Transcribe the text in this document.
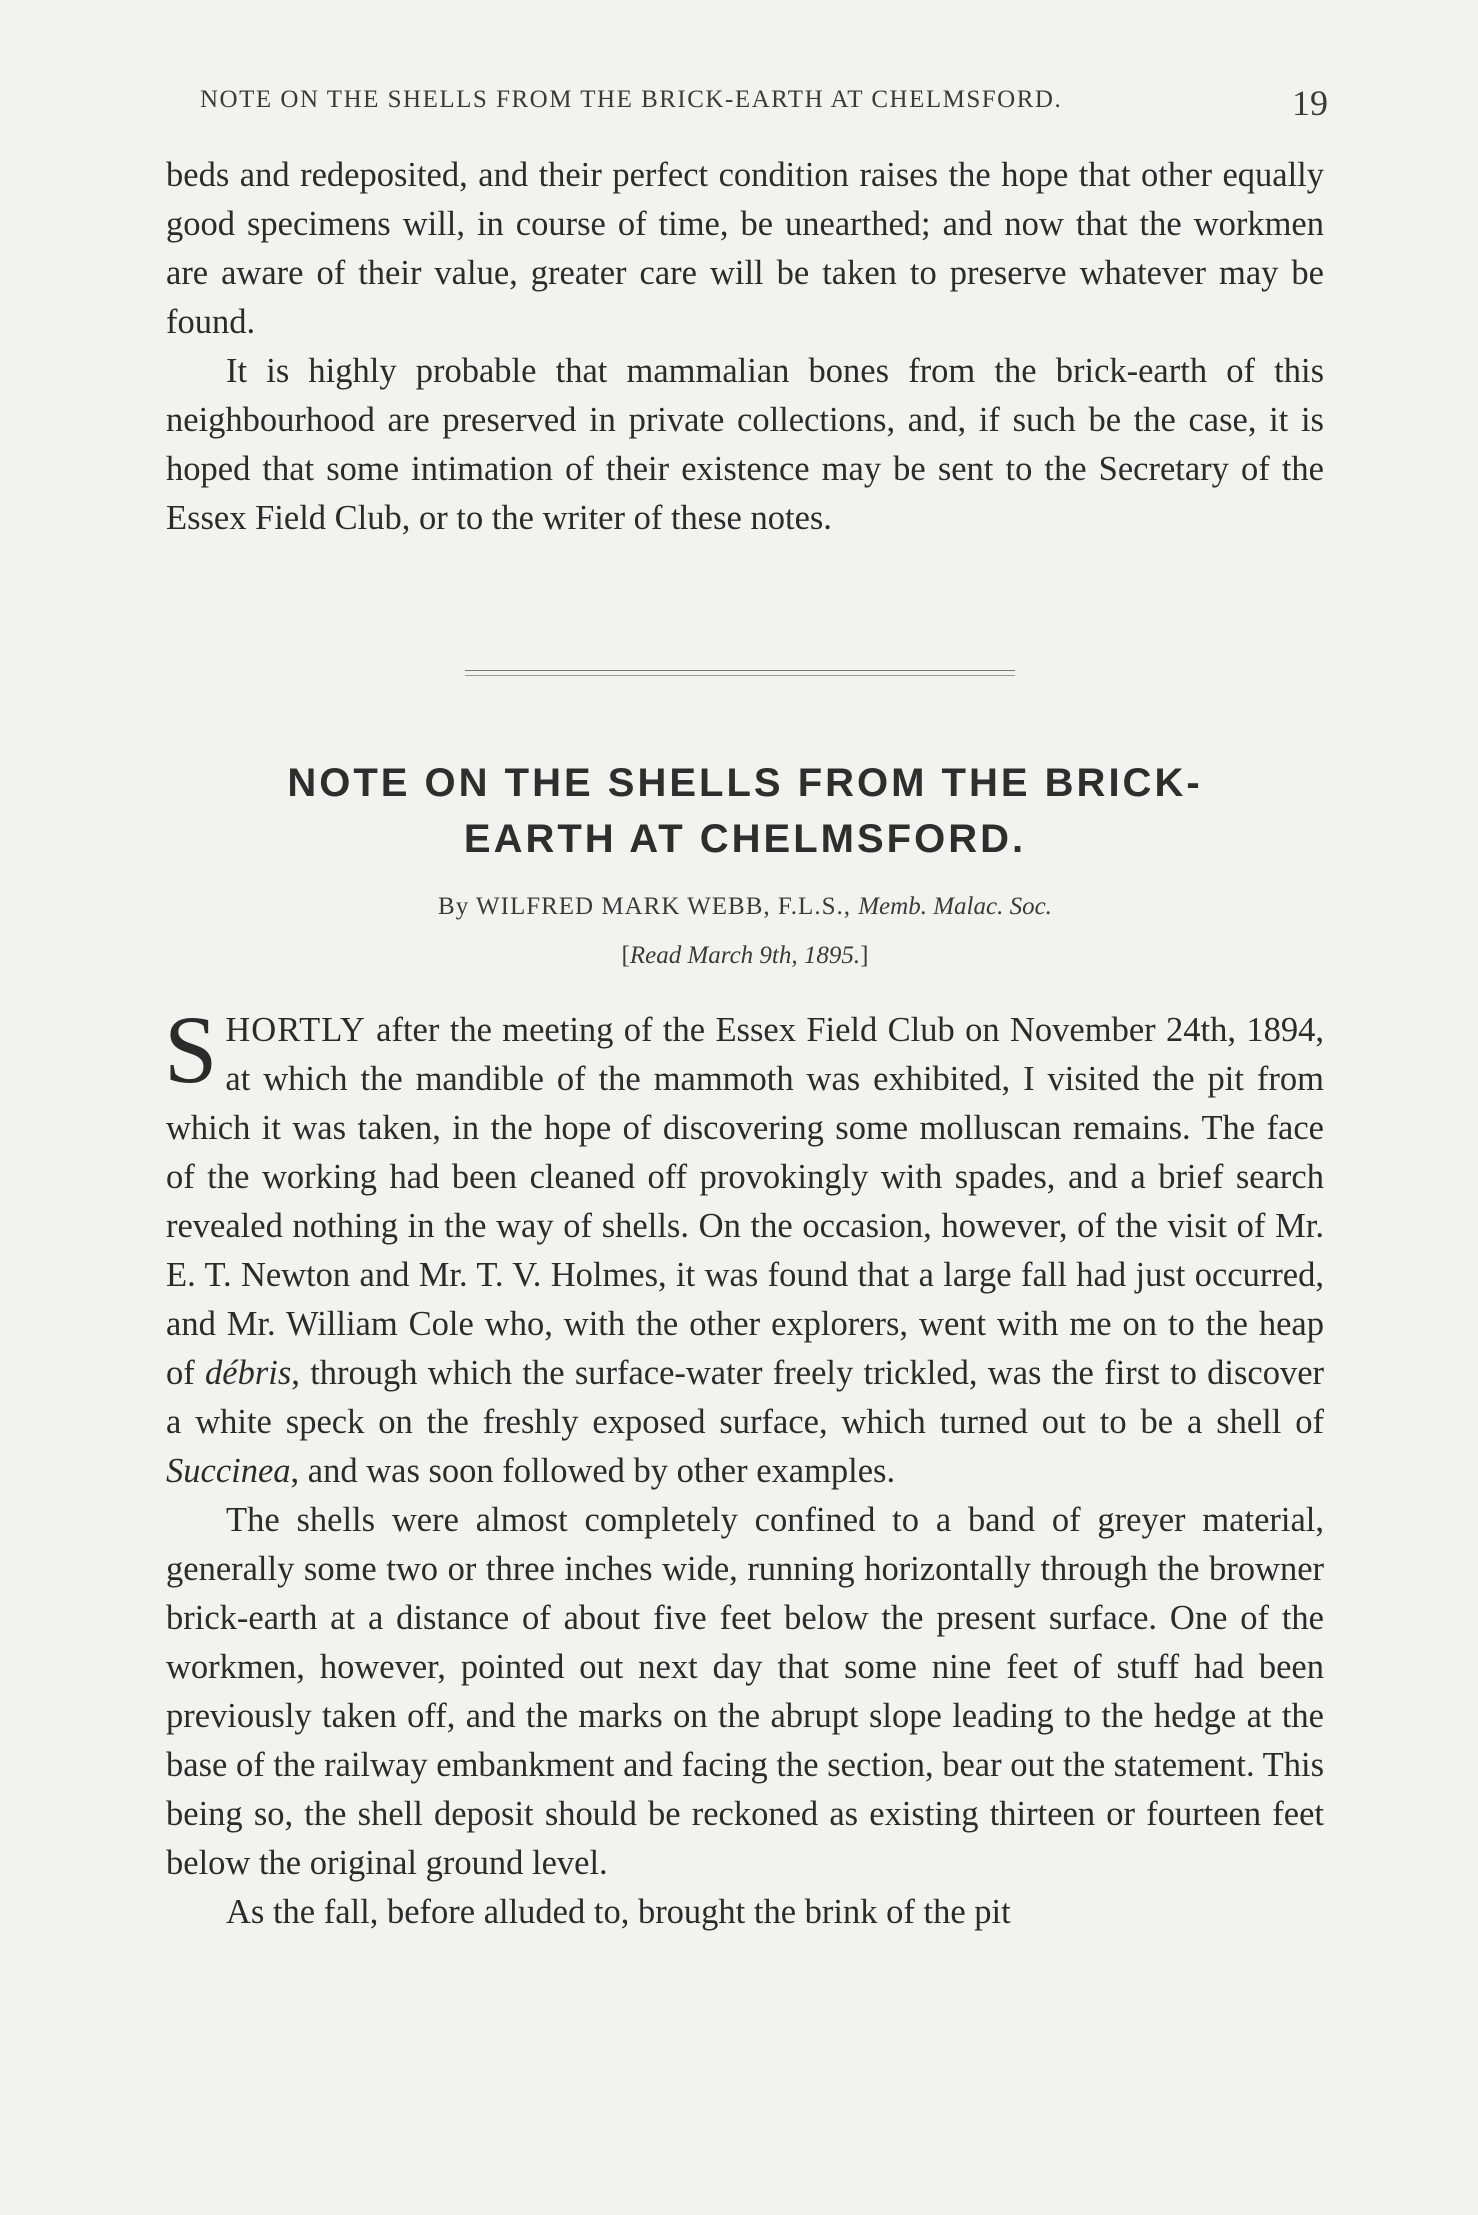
NOTE ON THE SHELLS FROM THE BRICK-EARTH AT CHELMSFORD.	19

beds and redeposited, and their perfect condition raises the hope that other equally good specimens will, in course of time, be unearthed; and now that the workmen are aware of their value, greater care will be taken to preserve whatever may be found.

It is highly probable that mammalian bones from the brick-earth of this neighbourhood are preserved in private collections, and, if such be the case, it is hoped that some intimation of their existence may be sent to the Secretary of the Essex Field Club, or to the writer of these notes.

NOTE ON THE SHELLS FROM THE BRICK-
EARTH AT CHELMSFORD.
By WILFRED MARK WEBB, F.L.S., Memb. Malac. Soc.
[Read March 9th, 1895.]

SHORTLY after the meeting of the Essex Field Club on November 24th, 1894, at which the mandible of the mammoth was exhibited, I visited the pit from which it was taken, in the hope of discovering some molluscan remains. The face of the working had been cleaned off provokingly with spades, and a brief search revealed nothing in the way of shells. On the occasion, however, of the visit of Mr. E. T. Newton and Mr. T. V. Holmes, it was found that a large fall had just occurred, and Mr. William Cole who, with the other explorers, went with me on to the heap of débris, through which the surface-water freely trickled, was the first to discover a white speck on the freshly exposed surface, which turned out to be a shell of Succinea, and was soon followed by other examples.

The shells were almost completely confined to a band of greyer material, generally some two or three inches wide, running horizontally through the browner brick-earth at a distance of about five feet below the present surface. One of the workmen, however, pointed out next day that some nine feet of stuff had been previously taken off, and the marks on the abrupt slope leading to the hedge at the base of the railway embankment and facing the section, bear out the statement. This being so, the shell deposit should be reckoned as existing thirteen or fourteen feet below the original ground level.

As the fall, before alluded to, brought the brink of the pit
